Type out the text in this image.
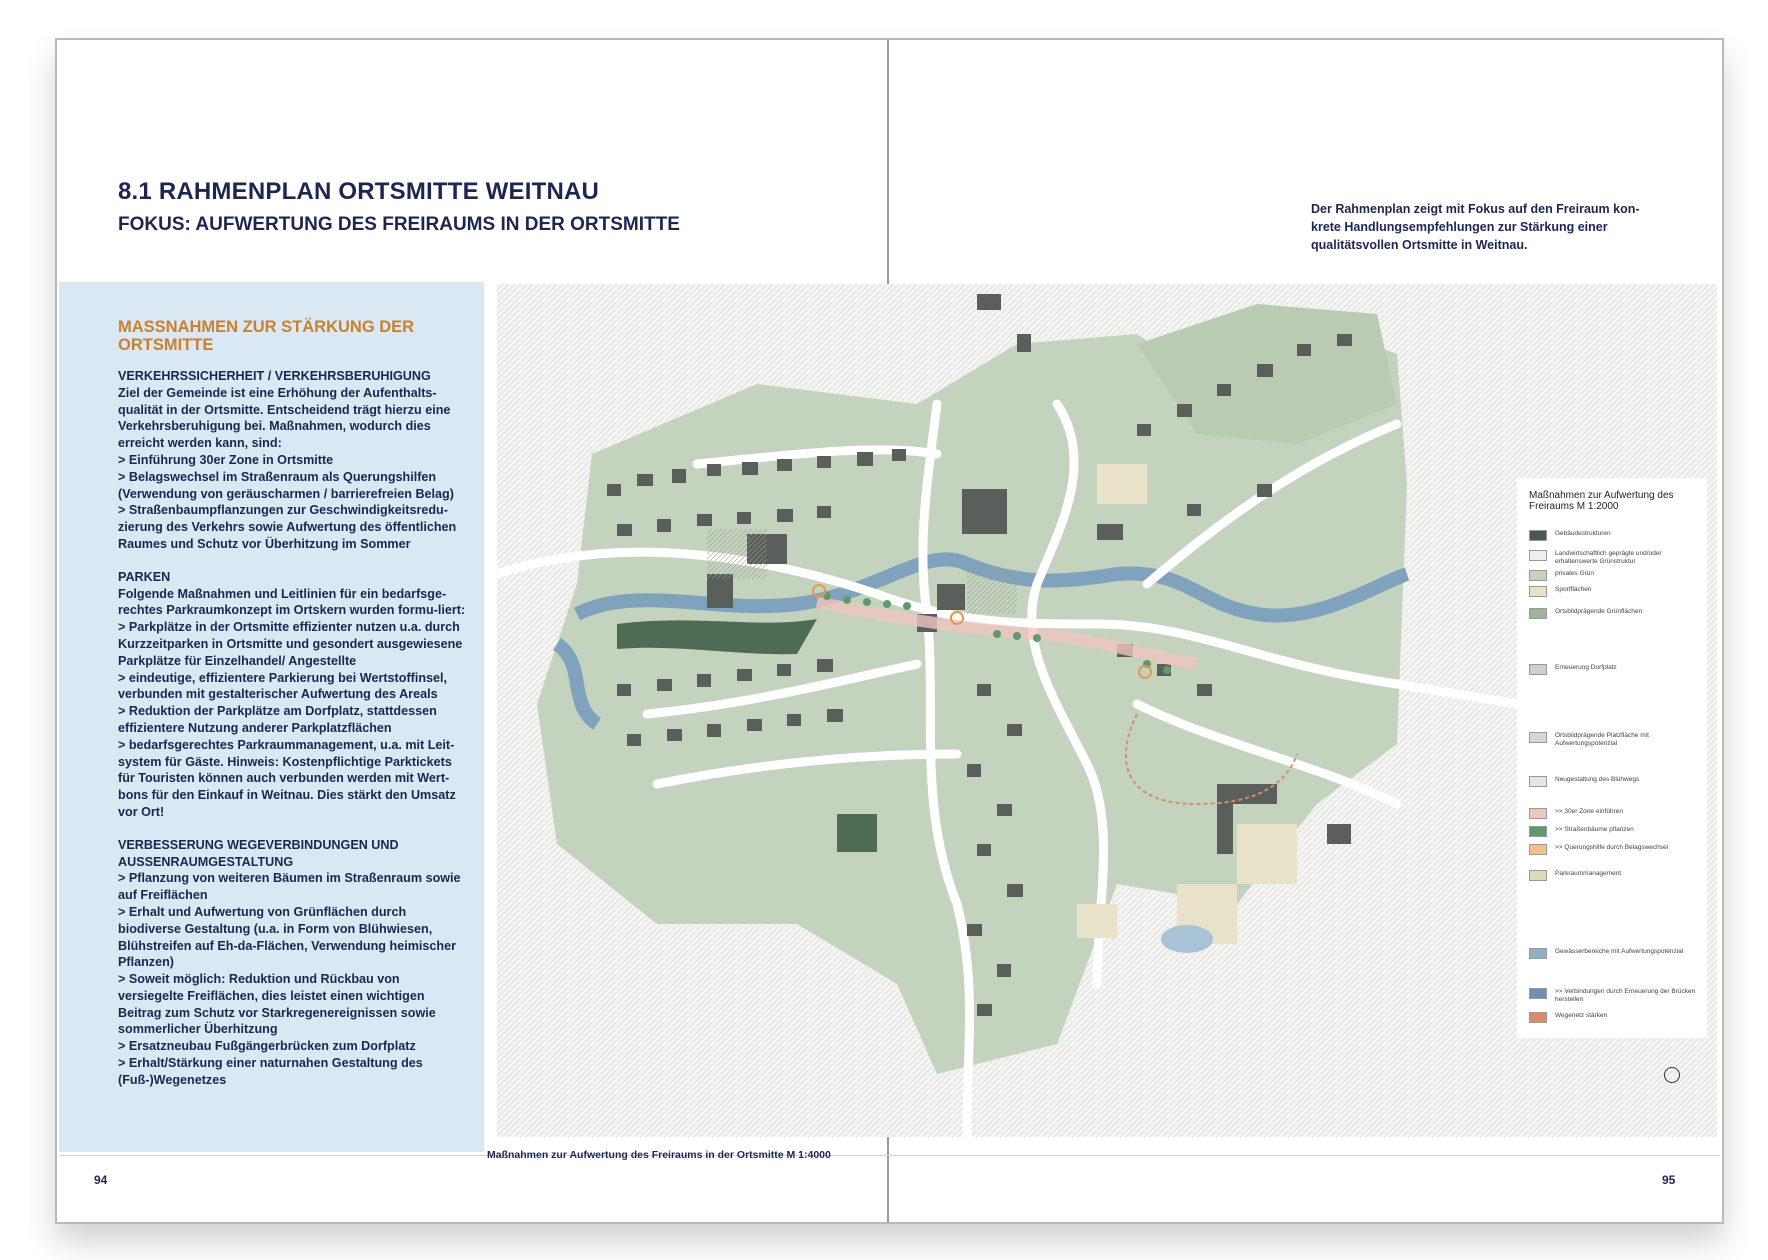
8.1 RAHMENPLAN ORTSMITTE WEITNAU
FOKUS: AUFWERTUNG DES FREIRAUMS IN DER ORTSMITTE

Der Rahmenplan zeigt mit Fokus auf den Freiraum kon-krete Handlungsempfehlungen zur Stärkung einer qualitätsvollen Ortsmitte in Weitnau.

MASSNAHMEN ZUR STÄRKUNG DER ORTSMITTE

VERKEHRSSICHERHEIT / VERKEHRSBERUHIGUNG

Ziel der Gemeinde ist eine Erhöhung der Aufenthalts-qualität in der Ortsmitte. Entscheidend trägt hierzu eine Verkehrsberuhigung bei. Maßnahmen, wodurch dies erreicht werden kann, sind:

> Einführung 30er Zone in Ortsmitte
> Belagswechsel im Straßenraum als Querungshilfen (Verwendung von geräuscharmen / barrierefreien Belag)
> Straßenbaumpflanzungen zur Geschwindigkeitsredu-zierung des Verkehrs sowie Aufwertung des öffentlichen Raumes und Schutz vor Überhitzung im Sommer

PARKEN

Folgende Maßnahmen und Leitlinien für ein bedarfsge-rechtes Parkraumkonzept im Ortskern wurden formu-liert:

> Parkplätze in der Ortsmitte effizienter nutzen u.a. durch Kurzzeitparken in Ortsmitte und gesondert ausgewiesene Parkplätze für Einzelhandel/ Angestellte
> eindeutige, effizientere Parkierung bei Wertstoffinsel, verbunden mit gestalterischer Aufwertung des Areals
> Reduktion der Parkplätze am Dorfplatz, stattdessen effizientere Nutzung anderer Parkplatzflächen
> bedarfsgerechtes Parkraummanagement, u.a. mit Leit-system für Gäste. Hinweis: Kostenpflichtige Parktickets für Touristen können auch verbunden werden mit Wert-bons für den Einkauf in Weitnau. Dies stärkt den Umsatz vor Ort!

VERBESSERUNG WEGEVERBINDUNGEN UND AUSSENRAUMGESTALTUNG

> Pflanzung von weiteren Bäumen im Straßenraum sowie auf Freiflächen
> Erhalt und Aufwertung von Grünflächen durch biodiverse Gestaltung (u.a. in Form von Blühwiesen, Blühstreifen auf Eh-da-Flächen, Verwendung heimischer Pflanzen)
> Soweit möglich: Reduktion und Rückbau von versiegelte Freiflächen, dies leistet einen wichtigen Beitrag zum Schutz vor Starkregenereignissen sowie sommerlicher Überhitzung
> Ersatzneubau Fußgängerbrücken zum Dorfplatz
> Erhalt/Stärkung einer naturnahen Gestaltung des (Fuß-)Wegenetzes
Maßnahmen zur Aufwertung des Freiraums M 1:2000
Gebäudestrukturen
Landwirtschaftlich geprägte und/oder erhaltenswerte Grünstruktur
privates Grün
Sportflächen
Ortsbildprägende Grünflächen
Erneuerung Dorfplatz
Ortsbildprägende Platzfläche mit Aufwertungspotenzial
Neugestaltung des Blühwegs
>> 30er Zone einführen
>> Straßenbäume pflanzen
>> Querungshilfe durch Belagswechsel
Parkraummanagement
Gewässerbereiche mit Aufwertungspotenzial
>> Verbindungen durch Erneuerung der Brücken herstellen
Wegenetz stärken
Maßnahmen zur Aufwertung des Freiraums in der Ortsmitte M 1:4000
94	95
